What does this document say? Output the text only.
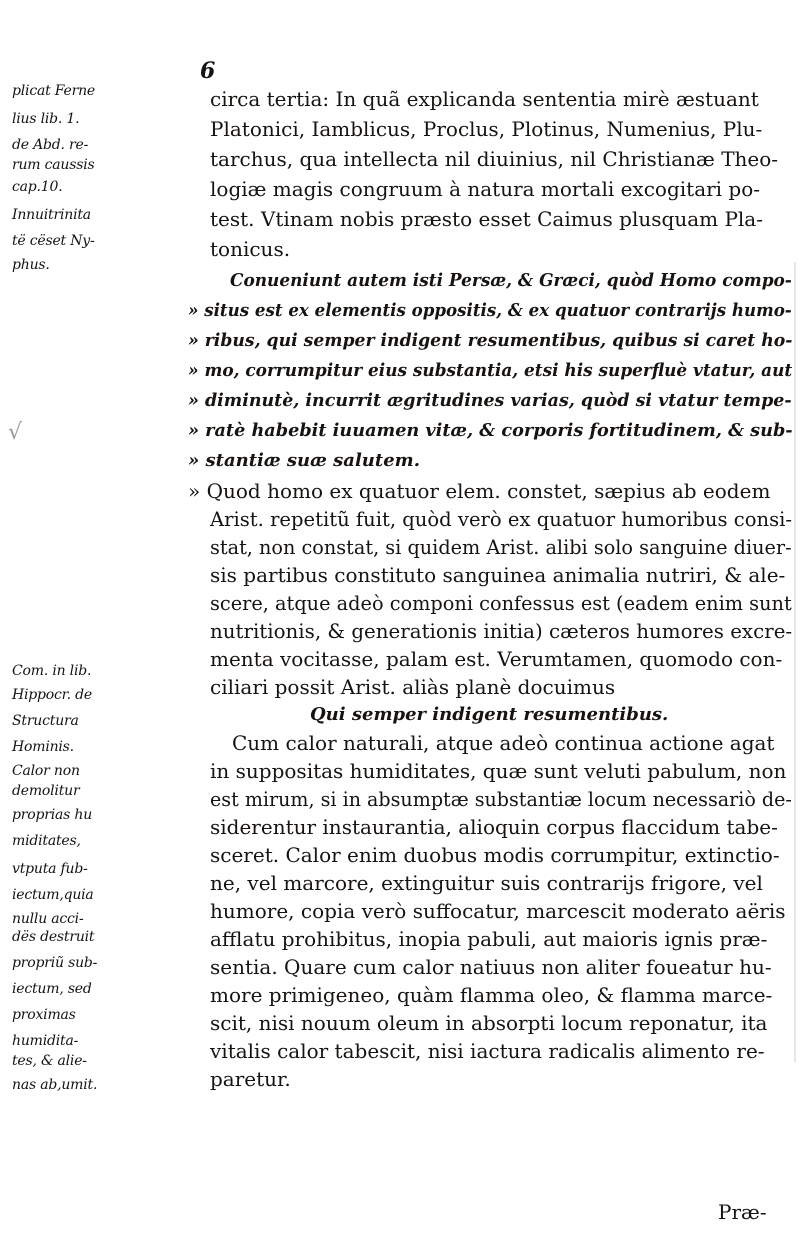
6
plicat Ferne
lius lib. 1.
de Abd. re-
rum caussis
cap.10.
Innuitrinita
të cëset Ny-
phus.
Com. in lib.
Hippocr. de
Structura
Hominis.
Calor non
demolitur
proprias hu
miditates,
vtputa fub-
iectum,quia
nullu acci-
dës destruit
propriũ sub-
iectum, sed
proximas
humidita-
tes, & alie-
nas ab,umit.
√
circa tertia: In quã explicanda sententia mirè æstuant
Platonici, Iamblicus, Proclus, Plotinus, Numenius, Plu-
tarchus, qua intellecta nil diuinius, nil Christianæ Theo-
logiæ magis congruum à natura mortali excogitari po-
test. Vtinam nobis præsto esset Caimus plusquam Pla-
tonicus.
Conueniunt autem isti Persæ, & Græci, quòd Homo compo-
» situs est ex elementis oppositis, & ex quatuor contrarijs humo-
» ribus, qui semper indigent resumentibus, quibus si caret ho-
» mo, corrumpitur eius substantia, etsi his superfluè vtatur, aut
» diminutè, incurrit ægritudines varias, quòd si vtatur tempe-
» ratè habebit iuuamen vitæ, & corporis fortitudinem, & sub-
» stantiæ suæ salutem.
» Quod homo ex quatuor elem. constet, sæpius ab eodem
Arist. repetitũ fuit, quòd verò ex quatuor humoribus consi-
stat, non constat, si quidem Arist. alibi solo sanguine diuer-
sis partibus constituto sanguinea animalia nutriri, & ale-
scere, atque adeò componi confessus est (eadem enim sunt
nutritionis, & generationis initia) cæteros humores excre-
menta vocitasse, palam est. Verumtamen, quomodo con-
ciliari possit Arist. aliàs planè docuimus
Qui semper indigent resumentibus.
Cum calor naturali, atque adeò continua actione agat
in suppositas humiditates, quæ sunt veluti pabulum, non
est mirum, si in absumptæ substantiæ locum necessariò de-
siderentur instaurantia, alioquin corpus flaccidum tabe-
sceret. Calor enim duobus modis corrumpitur, extinctio-
ne, vel marcore, extinguitur suis contrarijs frigore, vel
humore, copia verò suffocatur, marcescit moderato aëris
afflatu prohibitus, inopia pabuli, aut maioris ignis præ-
sentia. Quare cum calor natiuus non aliter foueatur hu-
more primigeneo, quàm flamma oleo, & flamma marce-
scit, nisi nouum oleum in absorpti locum reponatur, ita
vitalis calor tabescit, nisi iactura radicalis alimento re-
paretur.
Præ-
